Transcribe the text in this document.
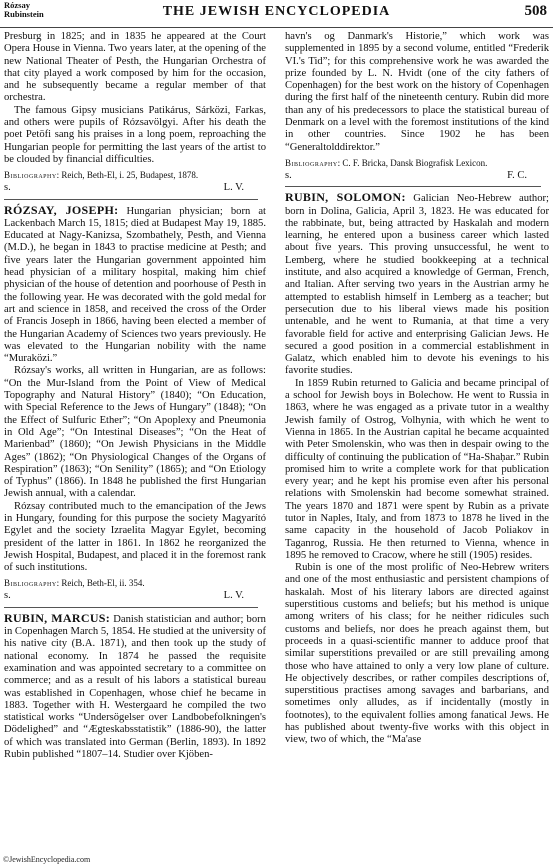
Rózsay
Rubinstein	THE JEWISH ENCYCLOPEDIA	508

Presburg in 1825; and in 1835 he appeared at the Court Opera House in Vienna. Two years later, at the opening of the new National Theater of Pesth, the Hungarian Orchestra of that city played a work composed by him for the occasion, and he subsequently became a regular member of that orchestra.

The famous Gipsy musicians Patikárus, Sárközi, Farkas, and others were pupils of Rózsavölgyi. After his death the poet Petöfi sang his praises in a long poem, reproaching the Hungarian people for permitting the last years of the artist to be clouded by financial difficulties.

Bibliography: Reich, Beth-El, i. 25, Budapest, 1878.
s.	L. V.

RÓZSAY, JOSEPH: Hungarian physician; born at Lackenbach March 15, 1815; died at Budapest May 19, 1885. Educated at Nagy-Kanizsa, Szombathely, Pesth, and Vienna (M.D.), he began in 1843 to practise medicine at Pesth; and five years later the Hungarian government appointed him head physician of a military hospital, making him chief physician of the house of detention and poorhouse of Pesth in the following year. He was decorated with the gold medal for art and science in 1858, and received the cross of the Order of Francis Joseph in 1866, having been elected a member of the Hungarian Academy of Sciences two years previously. He was elevated to the Hungarian nobility with the name “Muraközi.”

Rózsay's works, all written in Hungarian, are as follows: “On the Mur-Island from the Point of View of Medical Topography and Natural History” (1840); “On Education, with Special Reference to the Jews of Hungary” (1848); “On the Effect of Sulfuric Ether”; “On Apoplexy and Pneumonia in Old Age”; “On Intestinal Diseases”; “On the Heat of Marienbad” (1860); “On Jewish Physicians in the Middle Ages” (1862); “On Physiological Changes of the Organs of Respiration” (1863); “On Senility” (1865); and “On Etiology of Typhus” (1866). In 1848 he published the first Hungarian Jewish annual, with a calendar.

Rózsay contributed much to the emancipation of the Jews in Hungary, founding for this purpose the society Magyarító Egylet and the society Izraelita Magyar Egylet, becoming president of the latter in 1861. In 1862 he reorganized the Jewish Hospital, Budapest, and placed it in the foremost rank of such institutions.

Bibliography: Reich, Beth-El, ii. 354.
s.	L. V.

RUBIN, MARCUS: Danish statistician and author; born in Copenhagen March 5, 1854. He studied at the university of his native city (B.A. 1871), and then took up the study of national economy. In 1874 he passed the requisite examination and was appointed secretary to a committee on commerce; and as a result of his labors a statistical bureau was established in Copenhagen, whose chief he became in 1883. Together with H. Westergaard he compiled the two statistical works “Undersögelser over Landbobefolkningen's Dödelighed” and “Ægteskabsstatistik” (1886-90), the latter of which was translated into German (Berlin, 1893). In 1892 Rubin published “1807–14. Studier over Kjöben-

havn's og Danmark's Historie,” which work was supplemented in 1895 by a second volume, entitled “Frederik VI.'s Tid”; for this comprehensive work he was awarded the prize founded by L. N. Hvidt (one of the city fathers of Copenhagen) for the best work on the history of Copenhagen during the first half of the nineteenth century. Rubin did more than any of his predecessors to place the statistical bureau of Denmark on a level with the foremost institutions of the kind in other countries. Since 1902 he has been “Generaltolddirektor.”

Bibliography: C. F. Bricka, Dansk Biografisk Lexicon.
s.	F. C.

RUBIN, SOLOMON: Galician Neo-Hebrew author; born in Dolina, Galicia, April 3, 1823. He was educated for the rabbinate, but, being attracted by Haskalah and modern learning, he entered upon a business career which lasted about five years. This proving unsuccessful, he went to Lemberg, where he studied bookkeeping at a technical institute, and also acquired a knowledge of German, French, and Italian. After serving two years in the Austrian army he attempted to establish himself in Lemberg as a teacher; but persecution due to his liberal views made his position untenable, and he went to Rumania, at that time a very favorable field for active and enterprising Galician Jews. He secured a good position in a commercial establishment in Galatz, which enabled him to devote his evenings to his favorite studies.

In 1859 Rubin returned to Galicia and became principal of a school for Jewish boys in Bolechow. He went to Russia in 1863, where he was engaged as a private tutor in a wealthy Jewish family of Ostrog, Volhynia, with which he went to Vienna in 1865. In the Austrian capital he became acquainted with Peter Smolenskin, who was then in despair owing to the difficulty of continuing the publication of “Ha-Shaḥar.” Rubin promised him to write a complete work for that publication every year; and he kept his promise even after his personal relations with Smolenskin had become somewhat strained. The years 1870 and 1871 were spent by Rubin as a private tutor in Naples, Italy, and from 1873 to 1878 he lived in the same capacity in the household of Jacob Poliakov in Taganrog, Russia. He then returned to Vienna, whence in 1895 he removed to Cracow, where he still (1905) resides.

Rubin is one of the most prolific of Neo-Hebrew writers and one of the most enthusiastic and persistent champions of haskalah. Most of his literary labors are directed against superstitious customs and beliefs; but his method is unique among writers of his class; for he neither ridicules such customs and beliefs, nor does he preach against them, but proceeds in a quasi-scientific manner to adduce proof that similar superstitions prevailed or are still prevailing among those who have attained to only a very low plane of culture. He objectively describes, or rather compiles descriptions of, superstitious practises among savages and barbarians, and sometimes only alludes, as if incidentally (mostly in footnotes), to the equivalent follies among fanatical Jews. He has published about twenty-five works with this object in view, two of which, the “Ma'ase

©JewishEncyclopedia.com
